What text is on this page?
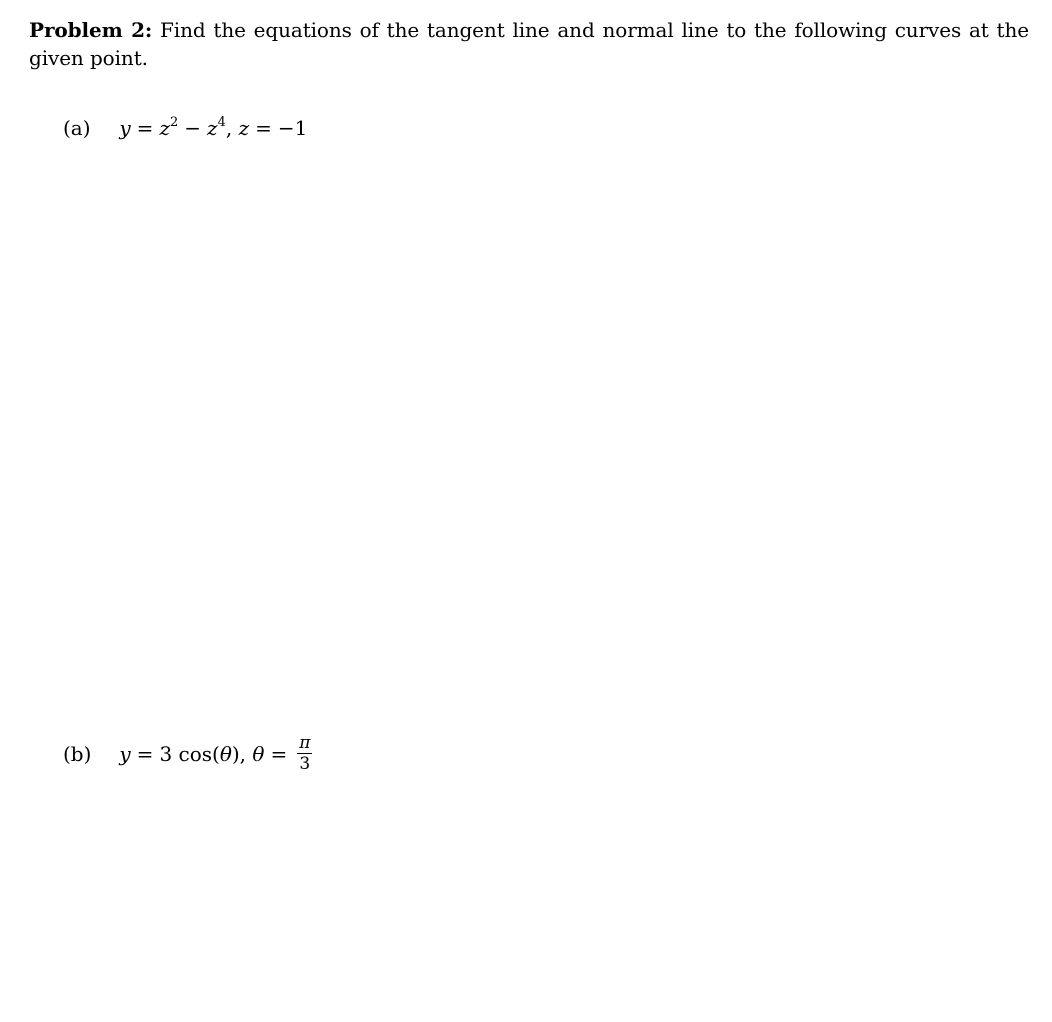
Problem 2: Find the equations of the tangent line and normal line to the following curves at the given point.
(a) $y = z^2 - z^4$, z = −1
(b) y = 3 cos(θ), $\theta = \frac{\pi}{3}$
